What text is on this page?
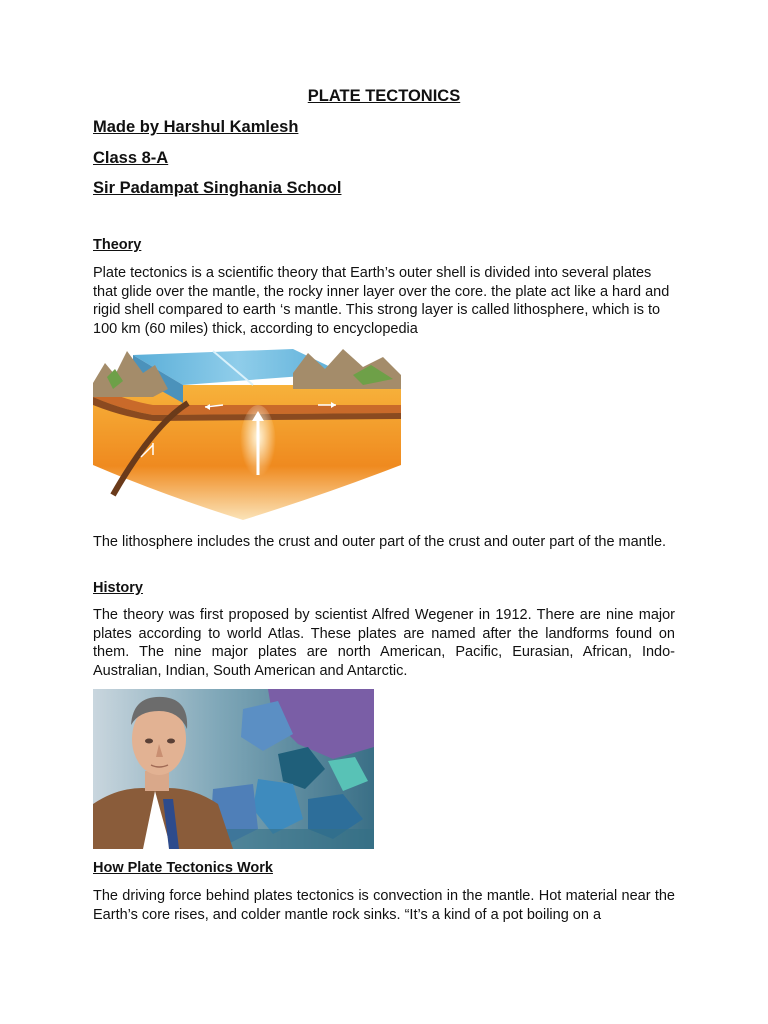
PLATE TECTONICS
Made by Harshul Kamlesh
Class 8-A
Sir Padampat Singhania School
Theory

Plate tectonics is a scientific theory that Earth’s outer shell is divided into several plates that glide over the mantle, the rocky inner layer over the core. the plate act like a hard and rigid shell compared to earth ‘s mantle. This strong layer is called lithosphere, which is to 100 km (60 miles) thick, according to encyclopedia

The lithosphere includes the crust and outer part of the crust and outer part of the mantle.

History

The theory was first proposed by scientist Alfred Wegener in 1912. There are nine major plates according to world Atlas. These plates are named after the landforms found on them. The nine major plates are north American, Pacific, Eurasian, African, Indo-Australian, Indian, South American and Antarctic.

How Plate Tectonics Work

The driving force behind plates tectonics is convection in the mantle. Hot material near the Earth’s core rises, and colder mantle rock sinks. “It’s a kind of a pot boiling on a
